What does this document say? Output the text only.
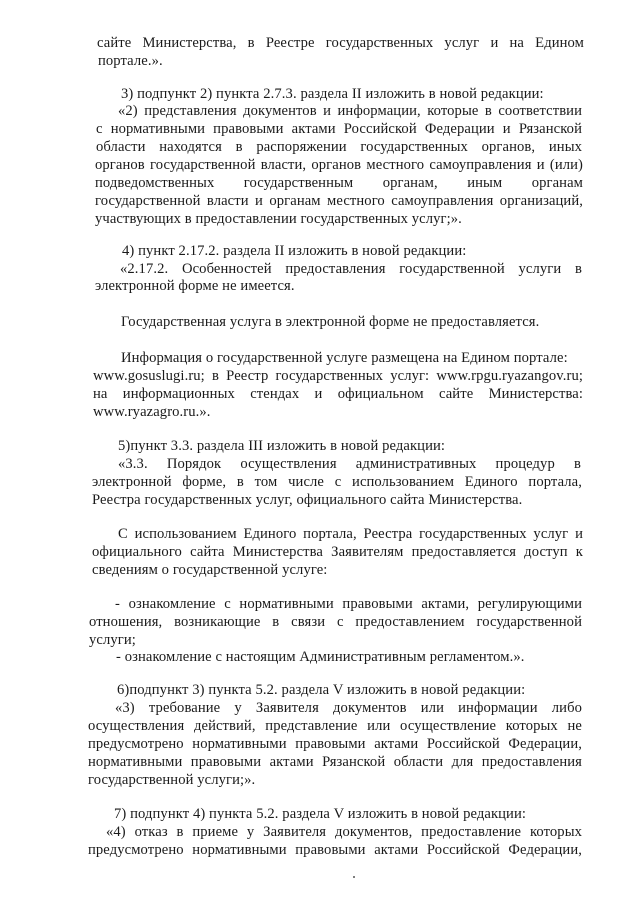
сайте Министерства, в Реестре государственных услуг и на Едином
портале.».
3) подпункт 2) пункта 2.7.3. раздела II изложить в новой редакции:
«2) представления документов и информации, которые в соответствии
с нормативными правовыми актами Российской Федерации и Рязанской
области находятся в распоряжении государственных органов, иных
органов государственной власти, органов местного самоуправления и (или)
подведомственных государственным органам, иным органам
государственной власти и органам местного самоуправления организаций,
участвующих в предоставлении государственных услуг;».
4) пункт 2.17.2. раздела II изложить в новой редакции:
«2.17.2. Особенностей предоставления государственной услуги в
электронной форме не имеется.
Государственная услуга в электронной форме не предоставляется.
Информация о государственной услуге размещена на Едином портале:
www.gosuslugi.ru; в Реестр государственных услуг: www.rpgu.ryazangov.ru;
на информационных стендах и официальном сайте Министерства:
www.ryazagro.ru.».
5)пункт 3.3. раздела III изложить в новой редакции:
«3.3. Порядок осуществления административных процедур в
электронной форме, в том числе с использованием Единого портала,
Реестра государственных услуг, официального сайта Министерства.
С использованием Единого портала, Реестра государственных услуг и
официального сайта Министерства Заявителям предоставляется доступ к
сведениям о государственной услуге:
- ознакомление с нормативными правовыми актами, регулирующими
отношения, возникающие в связи с предоставлением государственной
услуги;
- ознакомление с настоящим Административным регламентом.».
6)подпункт 3) пункта 5.2. раздела V изложить в новой редакции:
«3) требование у Заявителя документов или информации либо
осуществления действий, представление или осуществление которых не
предусмотрено нормативными правовыми актами Российской Федерации,
нормативными правовыми актами Рязанской области для предоставления
государственной услуги;».
7) подпункт 4) пункта 5.2. раздела V изложить в новой редакции:
«4) отказ в приеме у Заявителя документов, предоставление которых
предусмотрено нормативными правовыми актами Российской Федерации,
